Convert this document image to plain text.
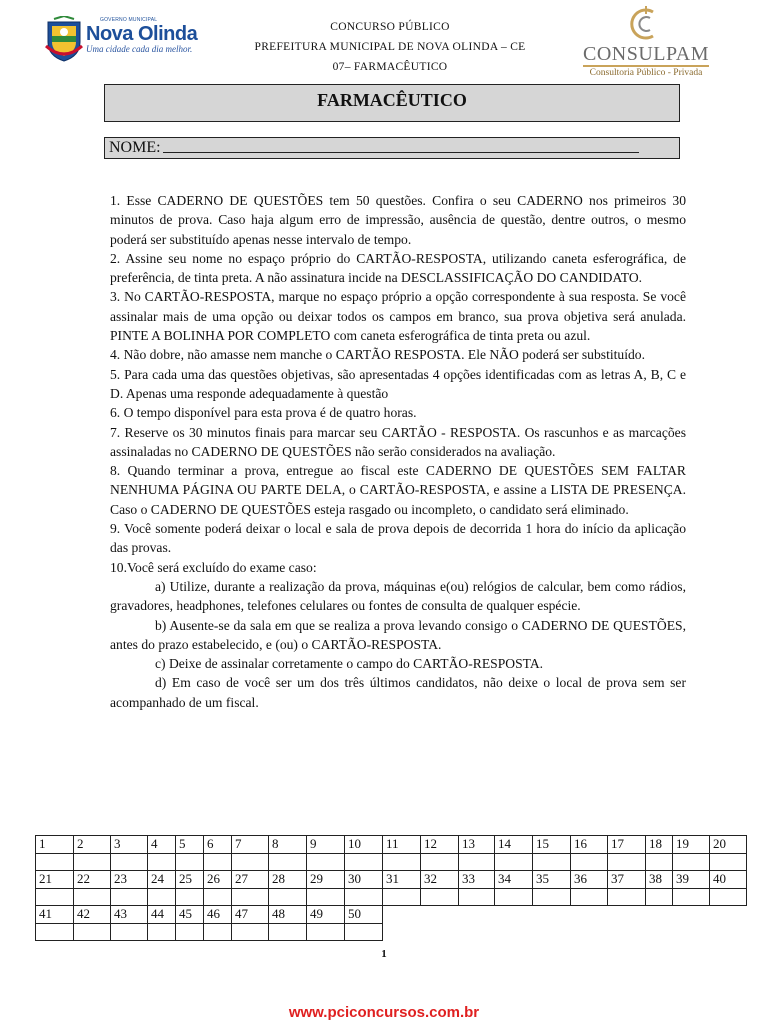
GOVERNO MUNICIPAL
Nova Olinda
Uma cidade cada dia melhor.
CONCURSO PÚBLICO
PREFEITURA MUNICIPAL DE NOVA OLINDA – CE
07– FARMACÊUTICO
CONSULPAM
Consultoria Público - Privada
FARMACÊUTICO
NOME:

1. Esse CADERNO DE QUESTÕES tem 50 questões. Confira o seu CADERNO nos primeiros 30 minutos de prova. Caso haja algum erro de impressão, ausência de questão, dentre outros, o mesmo poderá ser substituído apenas nesse intervalo de tempo.

2. Assine seu nome no espaço próprio do CARTÃO-RESPOSTA, utilizando caneta esferográfica, de preferência, de tinta preta. A não assinatura incide na DESCLASSIFICAÇÃO DO CANDIDATO.

3. No CARTÃO-RESPOSTA, marque no espaço próprio a opção correspondente à sua resposta. Se você assinalar mais de uma opção ou deixar todos os campos em branco, sua prova objetiva será anulada. PINTE A BOLINHA POR COMPLETO com caneta esferográfica de tinta preta ou azul.

4. Não dobre, não amasse nem manche o CARTÃO RESPOSTA. Ele NÃO poderá ser substituído.

5. Para cada uma das questões objetivas, são apresentadas 4 opções identificadas com as letras A, B, C e D. Apenas uma responde adequadamente à questão

6. O tempo disponível para esta prova é de quatro horas.

7. Reserve os 30 minutos finais para marcar seu CARTÃO - RESPOSTA. Os rascunhos e as marcações assinaladas no CADERNO DE QUESTÕES não serão considerados na avaliação.

8. Quando terminar a prova, entregue ao fiscal este CADERNO DE QUESTÕES SEM FALTAR NENHUMA PÁGINA OU PARTE DELA, o CARTÃO-RESPOSTA, e assine a LISTA DE PRESENÇA. Caso o CADERNO DE QUESTÕES esteja rasgado ou incompleto, o candidato será eliminado.

9. Você somente poderá deixar o local e sala de prova depois de decorrida 1 hora do início da aplicação das provas.

10.Você será excluído do exame caso:

a) Utilize, durante a realização da prova, máquinas e(ou) relógios de calcular, bem como rádios, gravadores, headphones, telefones celulares ou fontes de consulta de qualquer espécie.

b) Ausente-se da sala em que se realiza a prova levando consigo o CADERNO DE QUESTÕES, antes do prazo estabelecido, e (ou) o CARTÃO-RESPOSTA.

c) Deixe de assinalar corretamente o campo do CARTÃO-RESPOSTA.

d) Em caso de você ser um dos três últimos candidatos, não deixe o local de prova sem ser acompanhado de um fiscal.

1	2	3	4	5	6	7	8	9	10	11	12	13	14	15	16	17	18	19	20

21	22	23	24	25	26	27	28	29	30	31	32	33	34	35	36	37	38	39	40

41	42	43	44	45	46	47	48	49	50										

1
www.pciconcursos.com.br
